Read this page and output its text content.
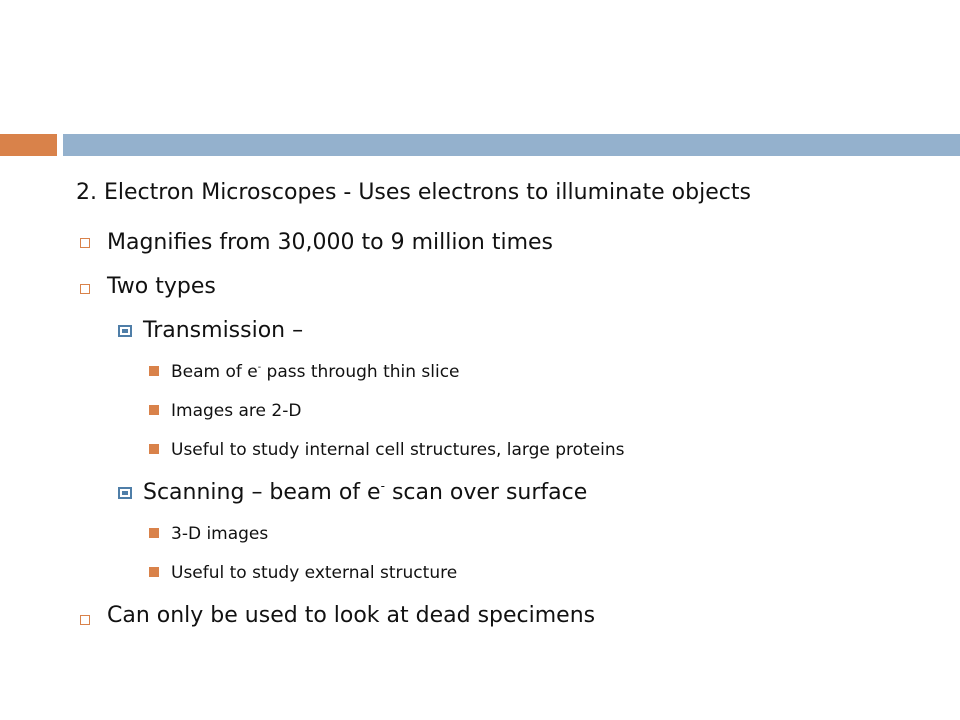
2. Electron Microscopes - Uses electrons to illuminate objects
Magnifies from 30,000 to 9 million times
Two types
Transmission –
Beam of e- pass through thin slice
Images are 2-D
Useful to study internal cell structures, large proteins
Scanning – beam of e- scan over surface
3-D images
Useful to study external structure
Can only be used to look at dead specimens
